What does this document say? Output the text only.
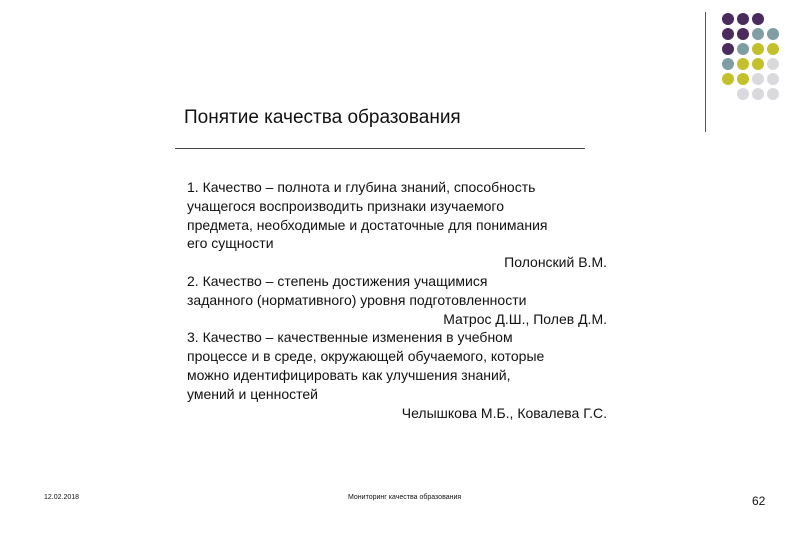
Понятие качества образования
1. Качество – полнота и глубина знаний, способность
учащегося воспроизводить признаки изучаемого
предмета, необходимые и достаточные для понимания
его сущности
Полонский В.М.
2. Качество – степень достижения учащимися
заданного (нормативного) уровня подготовленности
Матрос Д.Ш., Полев Д.М.
3. Качество – качественные изменения в учебном
процессе и в среде, окружающей обучаемого, которые
можно идентифицировать как улучшения знаний,
умений и ценностей
Челышкова М.Б., Ковалева Г.С.
12.02.2018	Мониторинг качества образования	62
